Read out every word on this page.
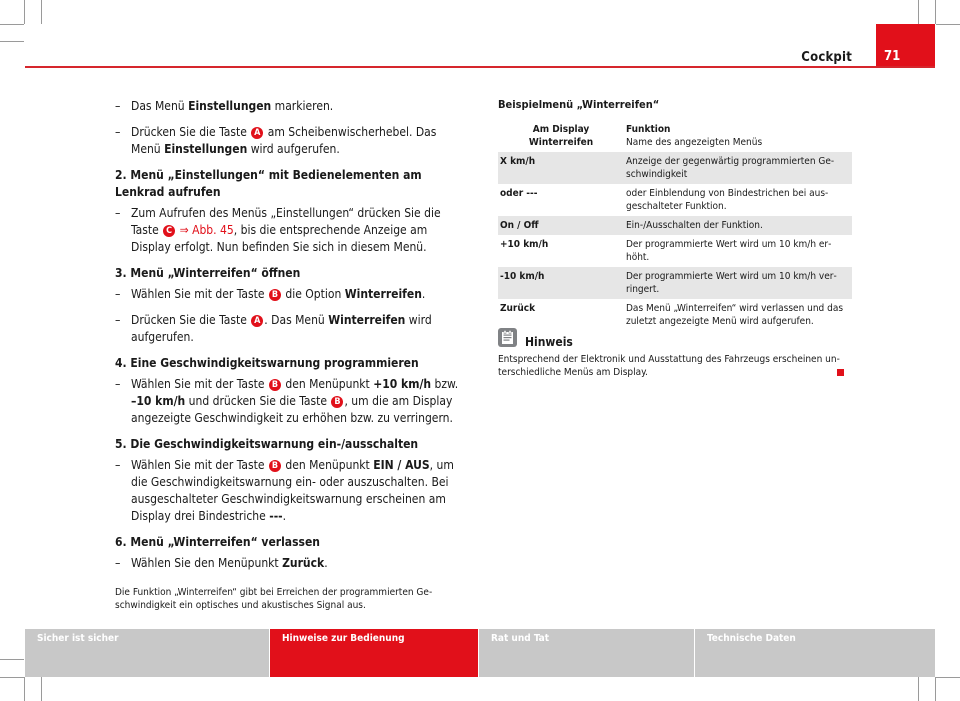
Cockpit	71
– Das Menü Einstellungen markieren.
– Drücken Sie die Taste A am Scheibenwischerhebel. Das Menü Einstellungen wird aufgerufen.
2. Menü „Einstellungen“ mit Bedienelementen am Lenkrad aufrufen
– Zum Aufrufen des Menüs „Einstellungen“ drücken Sie die Taste C ⇒ Abb. 45, bis die entsprechende Anzeige am Display erfolgt. Nun befinden Sie sich in diesem Menü.
3. Menü „Winterreifen“ öffnen
– Wählen Sie mit der Taste B die Option Winterreifen.
– Drücken Sie die Taste A . Das Menü Winterreifen wird aufgerufen.
4. Eine Geschwindigkeitswarnung programmieren
– Wählen Sie mit der Taste B den Menüpunkt +10 km/h bzw. –10 km/h und drücken Sie die Taste B , um die am Display angezeigte Geschwindigkeit zu erhöhen bzw. zu verringern.
5. Die Geschwindigkeitswarnung ein-/ausschalten
– Wählen Sie mit der Taste B den Menüpunkt EIN / AUS, um die Geschwindigkeitswarnung ein- oder auszuschalten. Bei ausgeschalteter Geschwindigkeitswarnung erscheinen am Display drei Bindestriche ---.
6. Menü „Winterreifen“ verlassen
– Wählen Sie den Menüpunkt Zurück.
Die Funktion „Winterreifen“ gibt bei Erreichen der programmierten Geschwindigkeit ein optisches und akustisches Signal aus.
Beispielmenü „Winterreifen“
Am Display Winterreifen	Funktion
Name des angezeigten Menüs
X km/h	Anzeige der gegenwärtig programmierten Geschwindigkeit
oder ---	oder Einblendung von Bindestrichen bei ausgeschalteter Funktion.
On / Off	Ein-/Ausschalten der Funktion.
+10 km/h	Der programmierte Wert wird um 10 km/h erhöht.
-10 km/h	Der programmierte Wert wird um 10 km/h verringert.
Zurück	Das Menü „Winterreifen“ wird verlassen und das zuletzt angezeigte Menü wird aufgerufen.
Hinweis
Entsprechend der Elektronik und Ausstattung des Fahrzeugs erscheinen unterschiedliche Menüs am Display.
Sicher ist sicher	Hinweise zur Bedienung	Rat und Tat	Technische Daten
